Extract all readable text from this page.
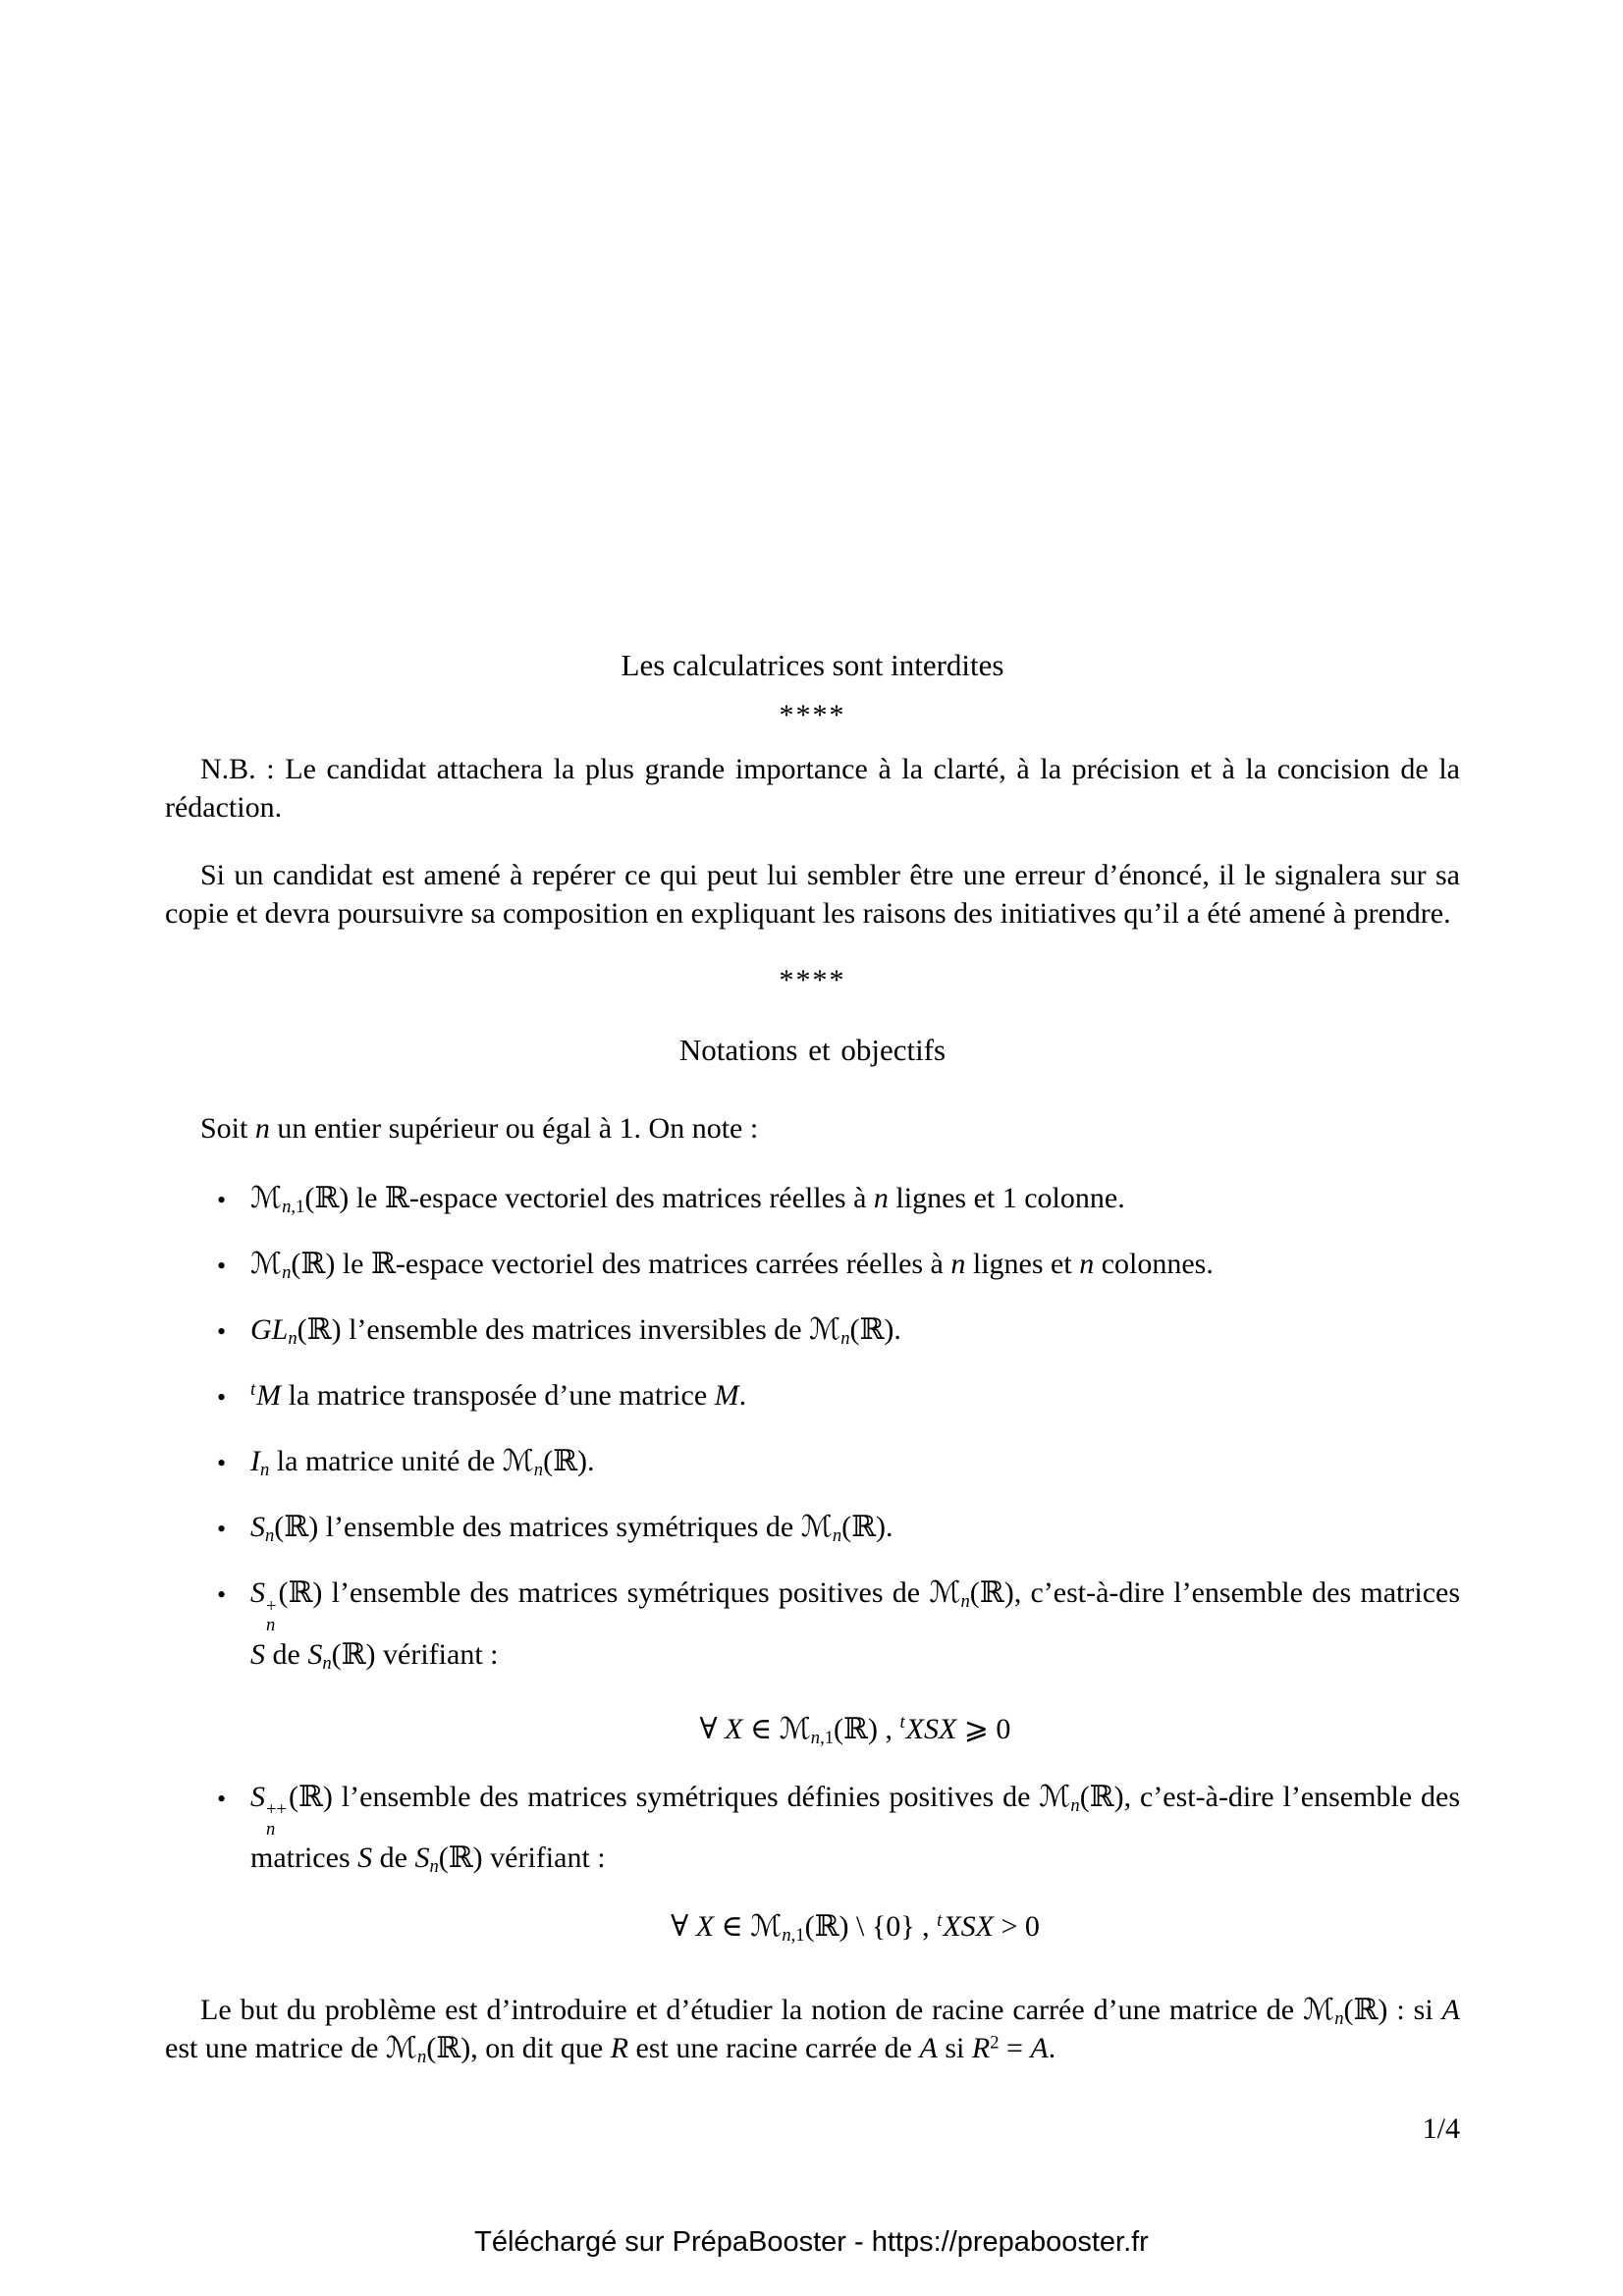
Les calculatrices sont interdites
****

N.B. : Le candidat attachera la plus grande importance à la clarté, à la précision et à la concision de la rédaction.

Si un candidat est amené à repérer ce qui peut lui sembler être une erreur d’énoncé, il le signalera sur sa copie et devra poursuivre sa composition en expliquant les raisons des initiatives qu’il a été amené à prendre.

****
Notations et objectifs

Soit n un entier supérieur ou égal à 1. On note :

• ℳ$_{n,1}$(ℝ) le ℝ-espace vectoriel des matrices réelles à n lignes et 1 colonne.
• ℳ$_n$(ℝ) le ℝ-espace vectoriel des matrices carrées réelles à n lignes et n colonnes.
• $GL_n(ℝ)$ l’ensemble des matrices inversibles de ℳ$_n$(ℝ).
• $^t$M la matrice transposée d’une matrice M.
• $I_n$ la matrice unité de ℳ$_n$(ℝ).
• $S_n(ℝ)$ l’ensemble des matrices symétriques de ℳ$_n$(ℝ).
• S +
n
(ℝ) l’ensemble des matrices symétriques positives de ℳ$_n$(ℝ), c’est-à-dire l’ensemble des matrices S de $S_n(ℝ)$ vérifiant :
∀ X ∈ ℳ$_{n,1}$(ℝ) , $^t$XSX ⩾ 0
• S ++
n
(ℝ) l’ensemble des matrices symétriques définies positives de ℳ$_n$(ℝ), c’est-à-dire l’ensemble des matrices S de $S_n(ℝ)$ vérifiant :
∀ X ∈ ℳ$_{n,1}$(ℝ) \ {0} , $^t$XSX > 0

Le but du problème est d’introduire et d’étudier la notion de racine carrée d’une matrice de ℳ$_n$(ℝ) : si A est une matrice de ℳ$_n$(ℝ), on dit que R est une racine carrée de A si $R^2 = A$.

1/4
Téléchargé sur PrépaBooster - https://prepabooster.fr
